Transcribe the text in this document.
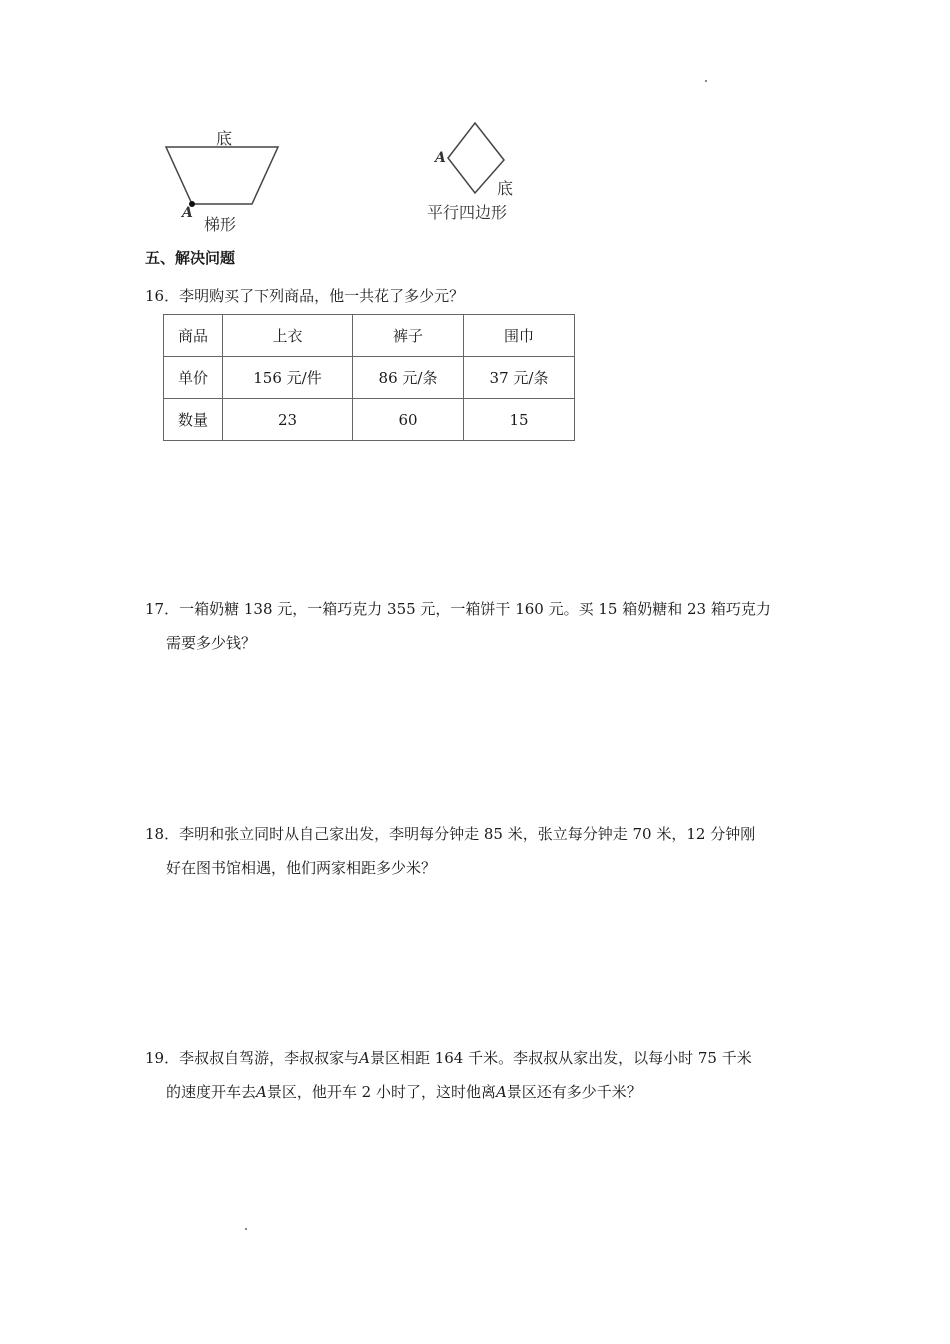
底
A
梯形
A
底
平行四边形
五、解决问题
16．李明购买了下列商品，他一共花了多少元？
商品	上衣	裤子	围巾
单价	156 元/件	86 元/条	37 元/条
数量	23	60	15
17．一箱奶糖 138 元，一箱巧克力 355 元，一箱饼干 160 元。买 15 箱奶糖和 23 箱巧克力
需要多少钱？
18．李明和张立同时从自己家出发，李明每分钟走 85 米，张立每分钟走 70 米，12 分钟刚
好在图书馆相遇，他们两家相距多少米？
19．李叔叔自驾游，李叔叔家与A景区相距 164 千米。李叔叔从家出发，以每小时 75 千米
的速度开车去A景区，他开车 2 小时了，这时他离A景区还有多少千米？
